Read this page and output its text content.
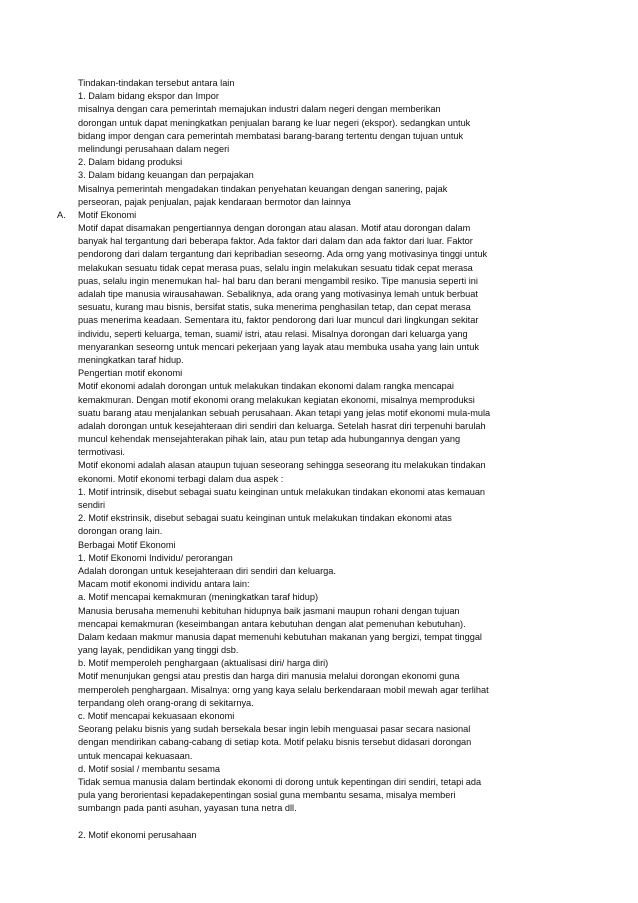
Tindakan-tindakan tersebut antara lain
1. Dalam bidang ekspor dan Impor
misalnya dengan cara pemerintah memajukan industri dalam negeri dengan memberikan
dorongan untuk dapat meningkatkan penjualan barang ke luar negeri (ekspor). sedangkan untuk
bidang impor dengan cara pemerintah membatasi barang-barang tertentu dengan tujuan untuk
melindungi perusahaan dalam negeri
2. Dalam bidang produksi
3. Dalam bidang keuangan dan perpajakan
Misalnya pemerintah mengadakan tindakan penyehatan keuangan dengan sanering, pajak
perseoran, pajak penjualan, pajak kendaraan bermotor dan lainnya
A. Motif Ekonomi
Motif dapat disamakan pengertiannya dengan dorongan atau alasan. Motif atau dorongan dalam
banyak hal tergantung dari beberapa faktor. Ada faktor dari dalam dan ada faktor dari luar. Faktor
pendorong dari dalam tergantung dari kepribadian seseorng. Ada orng yang motivasinya tinggi untuk
melakukan sesuatu tidak cepat merasa puas, selalu ingin melakukan sesuatu tidak cepat merasa
puas, selalu ingin menemukan hal- hal baru dan berani mengambil resiko. Tipe manusia seperti ini
adalah tipe manusia wirausahawan. Sebaliknya, ada orang yang motivasinya lemah untuk berbuat
sesuatu, kurang mau bisnis, bersifat statis, suka menerima penghasilan tetap, dan cepat merasa
puas menerima keadaan. Sementara itu, faktor pendorong dari luar muncul dari lingkungan sekitar
individu, seperti keluarga, teman, suami/ istri, atau relasi. Misalnya dorongan dari keluarga yang
menyarankan seseorng untuk mencari pekerjaan yang layak atau membuka usaha yang lain untuk
meningkatkan taraf hidup.
Pengertian motif ekonomi
Motif ekonomi adalah dorongan untuk melakukan tindakan ekonomi dalam rangka mencapai
kemakmuran. Dengan motif ekonomi orang melakukan kegiatan ekonomi, misalnya memproduksi
suatu barang atau menjalankan sebuah perusahaan. Akan tetapi yang jelas motif ekonomi mula-mula
adalah dorongan untuk kesejahteraan diri sendiri dan keluarga. Setelah hasrat diri terpenuhi barulah
muncul kehendak mensejahterakan pihak lain, atau pun tetap ada hubungannya dengan yang
termotivasi.
Motif ekonomi adalah alasan ataupun tujuan seseorang sehingga seseorang itu melakukan tindakan
ekonomi. Motif ekonomi terbagi dalam dua aspek :
1. Motif intrinsik, disebut sebagai suatu keinginan untuk melakukan tindakan ekonomi atas kemauan
sendiri
2. Motif ekstrinsik, disebut sebagai suatu keinginan untuk melakukan tindakan ekonomi atas
dorongan orang lain.
Berbagai Motif Ekonomi
1. Motif Ekonomi Individu/ perorangan
Adalah dorongan untuk kesejahteraan diri sendiri dan keluarga.
Macam motif ekonomi individu antara lain:
a. Motif mencapai kemakmuran (meningkatkan taraf hidup)
Manusia berusaha memenuhi kebituhan hidupnya baik jasmani maupun rohani dengan tujuan
mencapai kemakmuran (keseimbangan antara kebutuhan dengan alat pemenuhan kebutuhan).
Dalam kedaan makmur manusia dapat memenuhi kebutuhan makanan yang bergizi, tempat tinggal
yang layak, pendidikan yang tinggi dsb.
b. Motif memperoleh penghargaan (aktualisasi diri/ harga diri)
Motif menunjukan gengsi atau prestis dan harga diri manusia melalui dorongan ekonomi guna
memperoleh penghargaan. Misalnya: orng yang kaya selalu berkendaraan mobil mewah agar terlihat
terpandang oleh orang-orang di sekitarnya.
c. Motif mencapai kekuasaan ekonomi
Seorang pelaku bisnis yang sudah bersekala besar ingin lebih menguasai pasar secara nasional
dengan mendirikan cabang-cabang di setiap kota. Motif pelaku bisnis tersebut didasari dorongan
untuk mencapai kekuasaan.
d. Motif sosial / membantu sesama
Tidak semua manusia dalam bertindak ekonomi di dorong untuk kepentingan diri sendiri, tetapi ada
pula yang berorientasi kepadakepentingan sosial guna membantu sesama, misalya memberi
sumbangn pada panti asuhan, yayasan tuna netra dll.
2. Motif ekonomi perusahaan
